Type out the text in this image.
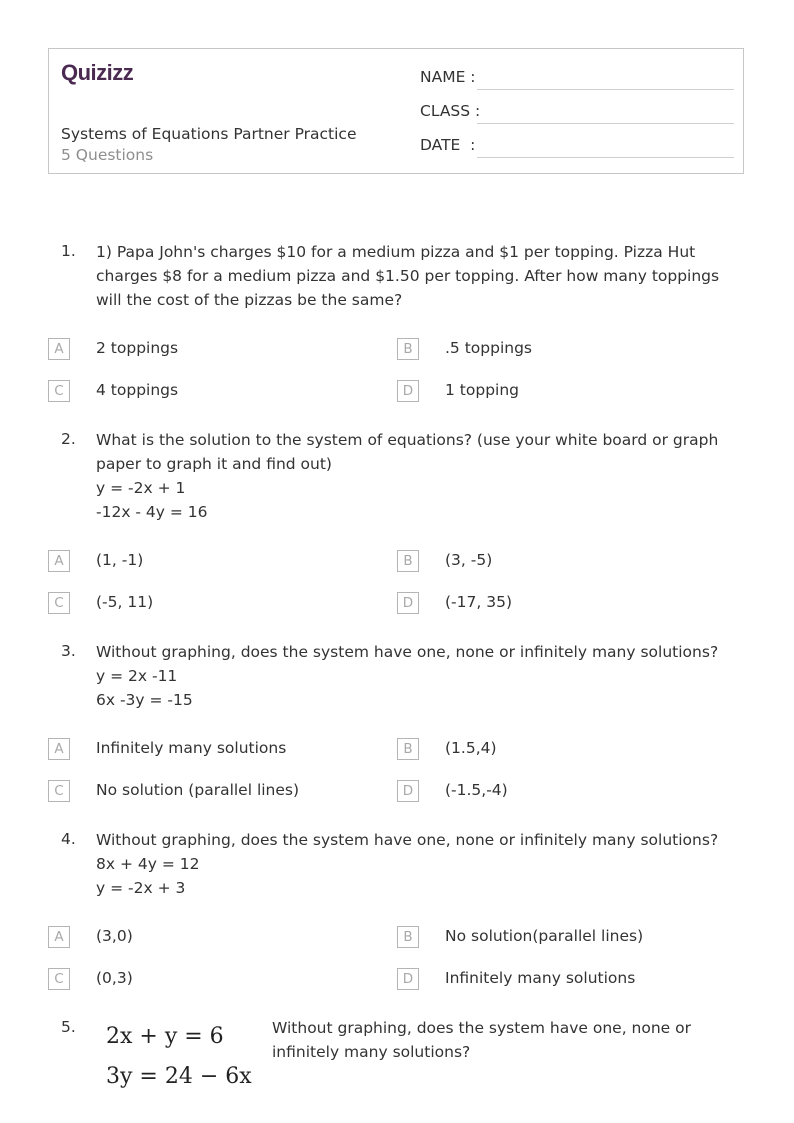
Quizizz
Systems of Equations Partner Practice
5 Questions
NAME :
CLASS :
DATE  :
1. 1) Papa John's charges $10 for a medium pizza and $1 per topping. Pizza Hut charges $8 for a medium pizza and $1.50 per topping. After how many toppings will the cost of the pizzas be the same?
A	2 toppings	B	.5 toppings
C	4 toppings	D	1 topping
2. What is the solution to the system of equations? (use your white board or graph paper to graph it and find out)
y = -2x + 1
-12x - 4y = 16
A	(1, -1)	B	(3, -5)
C	(-5, 11)	D	(-17, 35)
3. Without graphing, does the system have one, none or infinitely many solutions?
y = 2x -11
6x -3y = -15
A	Infinitely many solutions	B	(1.5,4)
C	No solution (parallel lines)	D	(-1.5,-4)
4. Without graphing, does the system have one, none or infinitely many solutions?
8x + 4y = 12
y = -2x + 3
A	(3,0)	B	No solution(parallel lines)
C	(0,3)	D	Infinitely many solutions
5. 2x + y = 6
3y = 24 − 6x
Without graphing, does the system have one, none or infinitely many solutions?
